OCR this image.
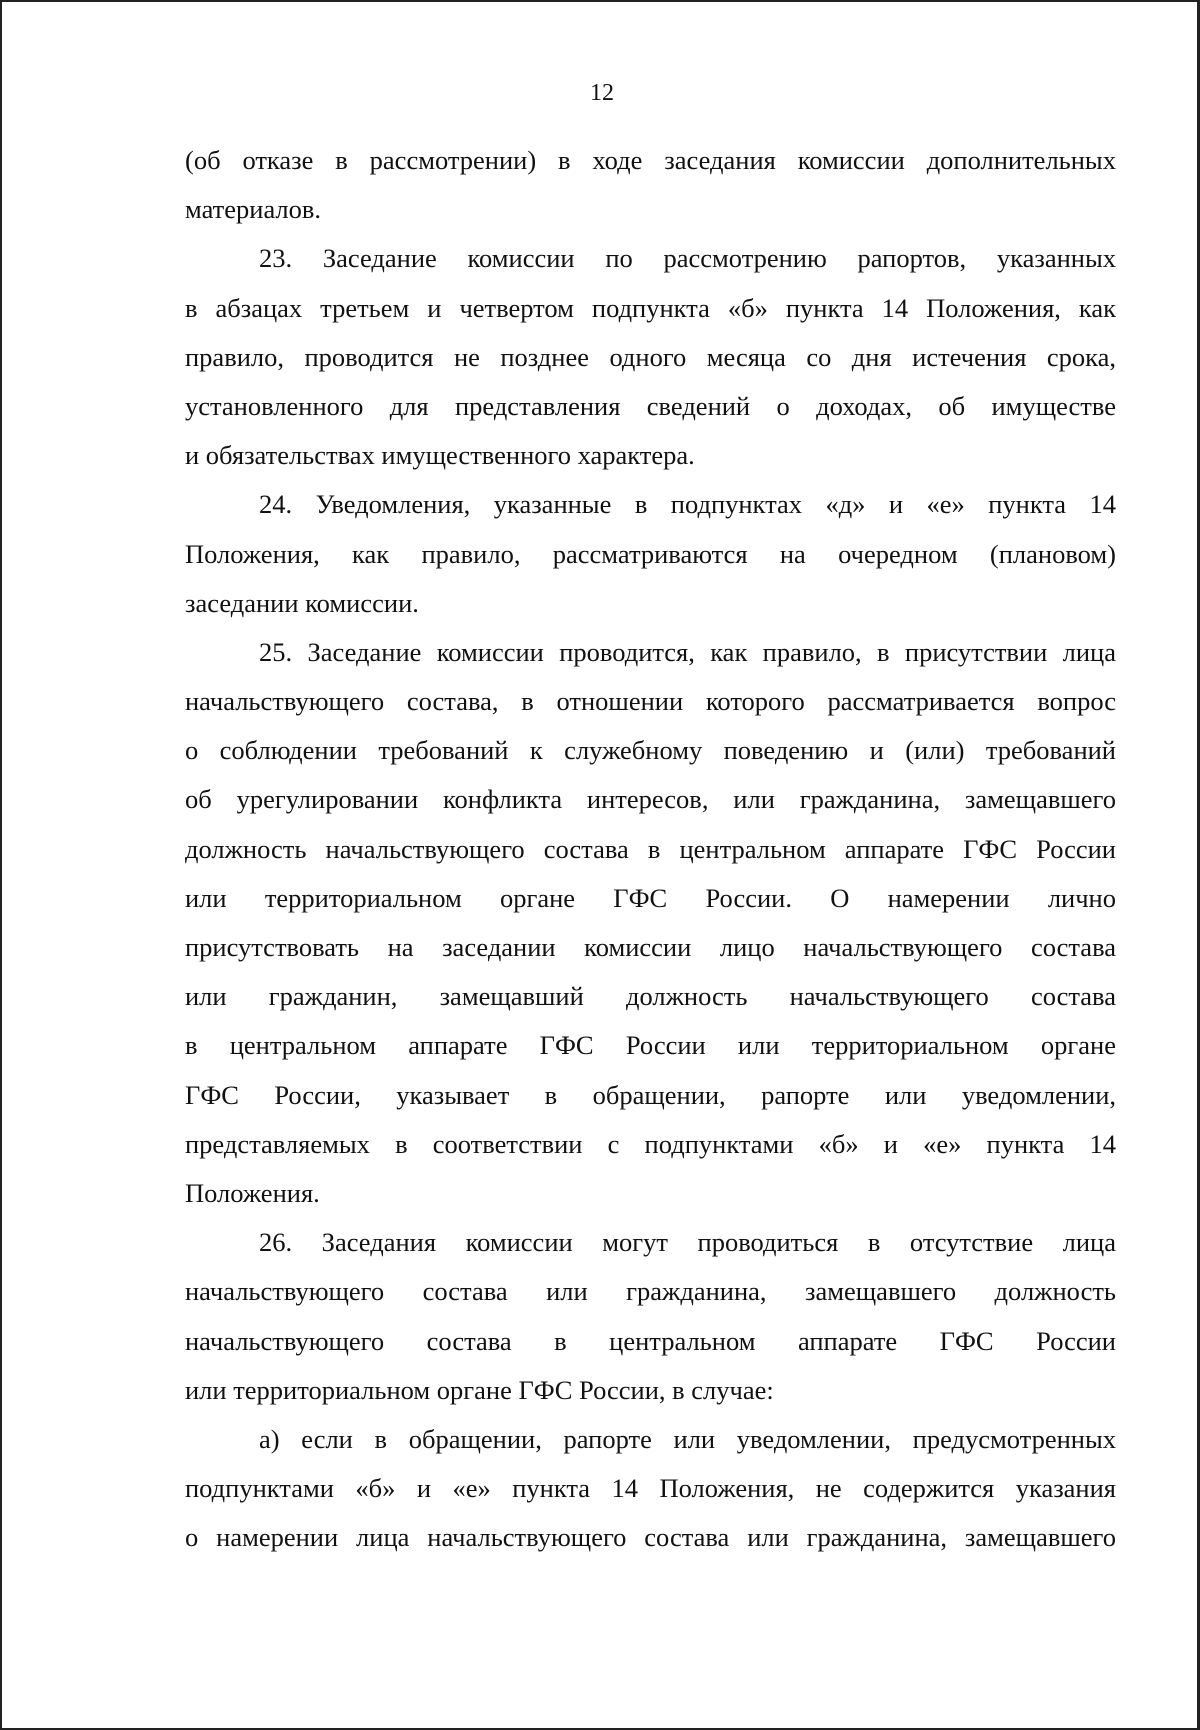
12
(об отказе в рассмотрении) в ходе заседания комиссии дополнительных
материалов.
23. Заседание комиссии по рассмотрению рапортов, указанных
в абзацах третьем и четвертом подпункта «б» пункта 14 Положения, как
правило, проводится не позднее одного месяца со дня истечения срока,
установленного для представления сведений о доходах, об имуществе
и обязательствах имущественного характера.
24. Уведомления, указанные в подпунктах «д» и «е» пункта 14
Положения, как правило, рассматриваются на очередном (плановом)
заседании комиссии.
25. Заседание комиссии проводится, как правило, в присутствии лица
начальствующего состава, в отношении которого рассматривается вопрос
о соблюдении требований к служебному поведению и (или) требований
об урегулировании конфликта интересов, или гражданина, замещавшего
должность начальствующего состава в центральном аппарате ГФС России
или территориальном органе ГФС России. О намерении лично
присутствовать на заседании комиссии лицо начальствующего состава
или гражданин, замещавший должность начальствующего состава
в центральном аппарате ГФС России или территориальном органе
ГФС России, указывает в обращении, рапорте или уведомлении,
представляемых в соответствии с подпунктами «б» и «е» пункта 14
Положения.
26. Заседания комиссии могут проводиться в отсутствие лица
начальствующего состава или гражданина, замещавшего должность
начальствующего состава в центральном аппарате ГФС России
или территориальном органе ГФС России, в случае:
а) если в обращении, рапорте или уведомлении, предусмотренных
подпунктами «б» и «е» пункта 14 Положения, не содержится указания
о намерении лица начальствующего состава или гражданина, замещавшего
